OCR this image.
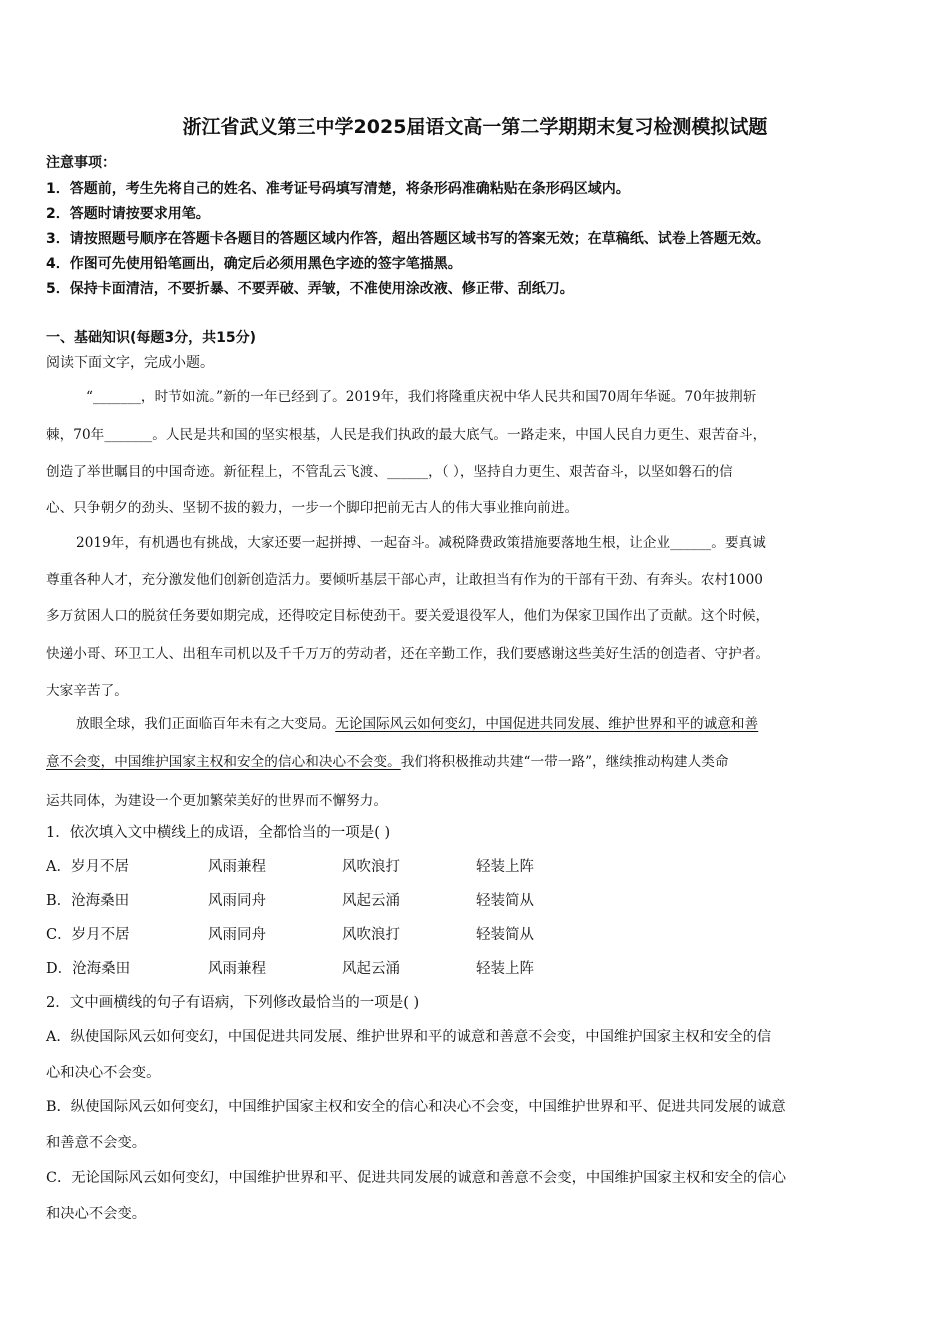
浙江省武义第三中学2025届语文高一第二学期期末复习检测模拟试题
注意事项：
1．答题前，考生先将自己的姓名、准考证号码填写清楚，将条形码准确粘贴在条形码区域内。
2．答题时请按要求用笔。
3．请按照题号顺序在答题卡各题目的答题区域内作答，超出答题区域书写的答案无效；在草稿纸、试卷上答题无效。
4．作图可先使用铅笔画出，确定后必须用黑色字迹的签字笔描黑。
5．保持卡面清洁，不要折暴、不要弄破、弄皱，不准使用涂改液、修正带、刮纸刀。
一、基础知识(每题3分，共15分)
阅读下面文字，完成小题。
“_______，时节如流。”新的一年已经到了。2019年，我们将隆重庆祝中华人民共和国70周年华诞。70年披荆斩
棘，70年_______。人民是共和国的坚实根基，人民是我们执政的最大底气。一路走来，中国人民自力更生、艰苦奋斗，
创造了举世瞩目的中国奇迹。新征程上，不管乱云飞渡、______，（ ），坚持自力更生、艰苦奋斗，以坚如磐石的信
心、只争朝夕的劲头、坚韧不拔的毅力，一步一个脚印把前无古人的伟大事业推向前进。
2019年，有机遇也有挑战，大家还要一起拼搏、一起奋斗。减税降费政策措施要落地生根，让企业______。要真诚
尊重各种人才，充分激发他们创新创造活力。要倾听基层干部心声，让敢担当有作为的干部有干劲、有奔头。农村1000
多万贫困人口的脱贫任务要如期完成，还得咬定目标使劲干。要关爱退役军人，他们为保家卫国作出了贡献。这个时候，
快递小哥、环卫工人、出租车司机以及千千万万的劳动者，还在辛勤工作，我们要感谢这些美好生活的创造者、守护者。
大家辛苦了。
放眼全球，我们正面临百年未有之大变局。无论国际风云如何变幻，中国促进共同发展、维护世界和平的诚意和善
意不会变，中国维护国家主权和安全的信心和决心不会变。我们将积极推动共建“一带一路”，继续推动构建人类命
运共同体，为建设一个更加繁荣美好的世界而不懈努力。
1．依次填入文中横线上的成语，全都恰当的一项是( )
A．岁月不居	风雨兼程	风吹浪打	轻装上阵
B．沧海桑田	风雨同舟	风起云涌	轻装简从
C．岁月不居	风雨同舟	风吹浪打	轻装简从
D．沧海桑田	风雨兼程	风起云涌	轻装上阵
2．文中画横线的句子有语病，下列修改最恰当的一项是( )
A．纵使国际风云如何变幻，中国促进共同发展、维护世界和平的诚意和善意不会变，中国维护国家主权和安全的信
心和决心不会变。
B．纵使国际风云如何变幻，中国维护国家主权和安全的信心和决心不会变，中国维护世界和平、促进共同发展的诚意
和善意不会变。
C．无论国际风云如何变幻，中国维护世界和平、促进共同发展的诚意和善意不会变，中国维护国家主权和安全的信心
和决心不会变。
